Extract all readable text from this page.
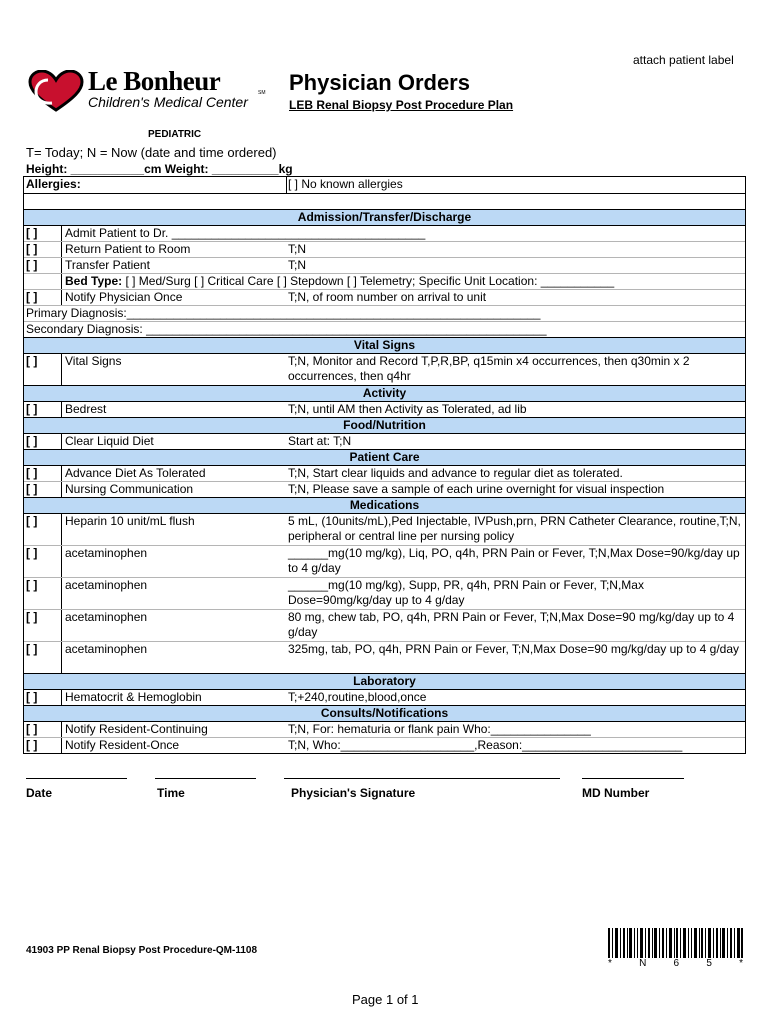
attach patient label
Le Bonheur	SM
Children's Medical Center
Physician Orders
LEB Renal Biopsy Post Procedure Plan
PEDIATRIC
T= Today; N = Now (date and time ordered)
Height: ___________cm Weight: __________kg
Allergies:	[ ] No known allergies
Admission/Transfer/Discharge
[ ]	Admit Patient to Dr. ______________________________________
[ ]	Return Patient to Room	T;N
[ ]	Transfer Patient	T;N
Bed Type: [ ] Med/Surg [ ] Critical Care [ ] Stepdown [ ] Telemetry; Specific Unit Location: ___________
[ ]	Notify Physician Once	T;N, of room number on arrival to unit
Primary Diagnosis:______________________________________________________________
Secondary Diagnosis: ____________________________________________________________
Vital Signs
[ ]	Vital Signs	T;N, Monitor and Record T,P,R,BP, q15min x4 occurrences, then q30min x 2 occurrences, then q4hr
Activity
[ ]	Bedrest	T;N, until AM then Activity as Tolerated, ad lib
Food/Nutrition
[ ]	Clear Liquid Diet	Start at: T;N
Patient Care
[ ]	Advance Diet As Tolerated	T;N, Start clear liquids and advance to regular diet as tolerated.
[ ]	Nursing Communication	T;N, Please save a sample of each urine overnight for visual inspection
Medications
[ ]	Heparin 10 unit/mL flush	5 mL, (10units/mL),Ped Injectable, IVPush,prn, PRN Catheter Clearance, routine,T;N, peripheral or central line per nursing policy
[ ]	acetaminophen	______mg(10 mg/kg), Liq, PO, q4h, PRN Pain or Fever, T;N,Max Dose=90/kg/day up to 4 g/day
[ ]	acetaminophen	______mg(10 mg/kg), Supp, PR, q4h, PRN Pain or Fever, T;N,Max Dose=90mg/kg/day up to 4 g/day
[ ]	acetaminophen	80 mg, chew tab, PO, q4h, PRN Pain or Fever, T;N,Max Dose=90 mg/kg/day up to 4 g/day
[ ]	acetaminophen	325mg, tab, PO, q4h, PRN Pain or Fever, T;N,Max Dose=90 mg/kg/day up to 4 g/day
Laboratory
[ ]	Hematocrit & Hemoglobin	T;+240,routine,blood,once
Consults/Notifications
[ ]	Notify Resident-Continuing	T;N, For: hematuria or flank pain Who:_______________
[ ]	Notify Resident-Once	T;N, Who:____________________,Reason:________________________
Date	Time	Physician's Signature	MD Number
41903 PP Renal Biopsy Post Procedure-QM-1108
*	N	6	5	*
Page 1 of 1
